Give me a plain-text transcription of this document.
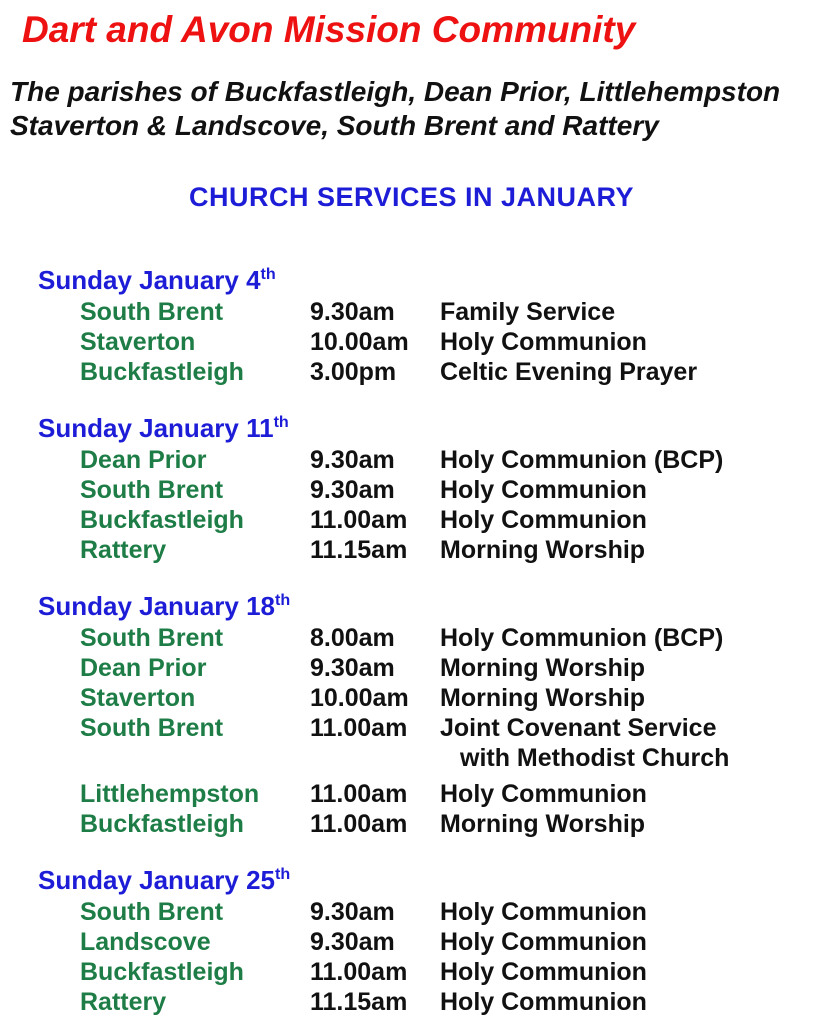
Dart and Avon Mission Community

The parishes of Buckfastleigh, Dean Prior, Littlehempston
Staverton & Landscove, South Brent and Rattery

CHURCH SERVICES IN JANUARY
Sunday January 4th
South Brent	9.30am	Family Service
Staverton	10.00am	Holy Communion
Buckfastleigh	3.00pm	Celtic Evening Prayer
Sunday January 11th
Dean Prior	9.30am	Holy Communion (BCP)
South Brent	9.30am	Holy Communion
Buckfastleigh	11.00am	Holy Communion
Rattery	11.15am	Morning Worship
Sunday January 18th
South Brent	8.00am	Holy Communion (BCP)
Dean Prior	9.30am	Morning Worship
Staverton	10.00am	Morning Worship
South Brent	11.00am	Joint Covenant Service
with Methodist Church
Littlehempston	11.00am	Holy Communion
Buckfastleigh	11.00am	Morning Worship
Sunday January 25th
South Brent	9.30am	Holy Communion
Landscove	9.30am	Holy Communion
Buckfastleigh	11.00am	Holy Communion
Rattery	11.15am	Holy Communion
